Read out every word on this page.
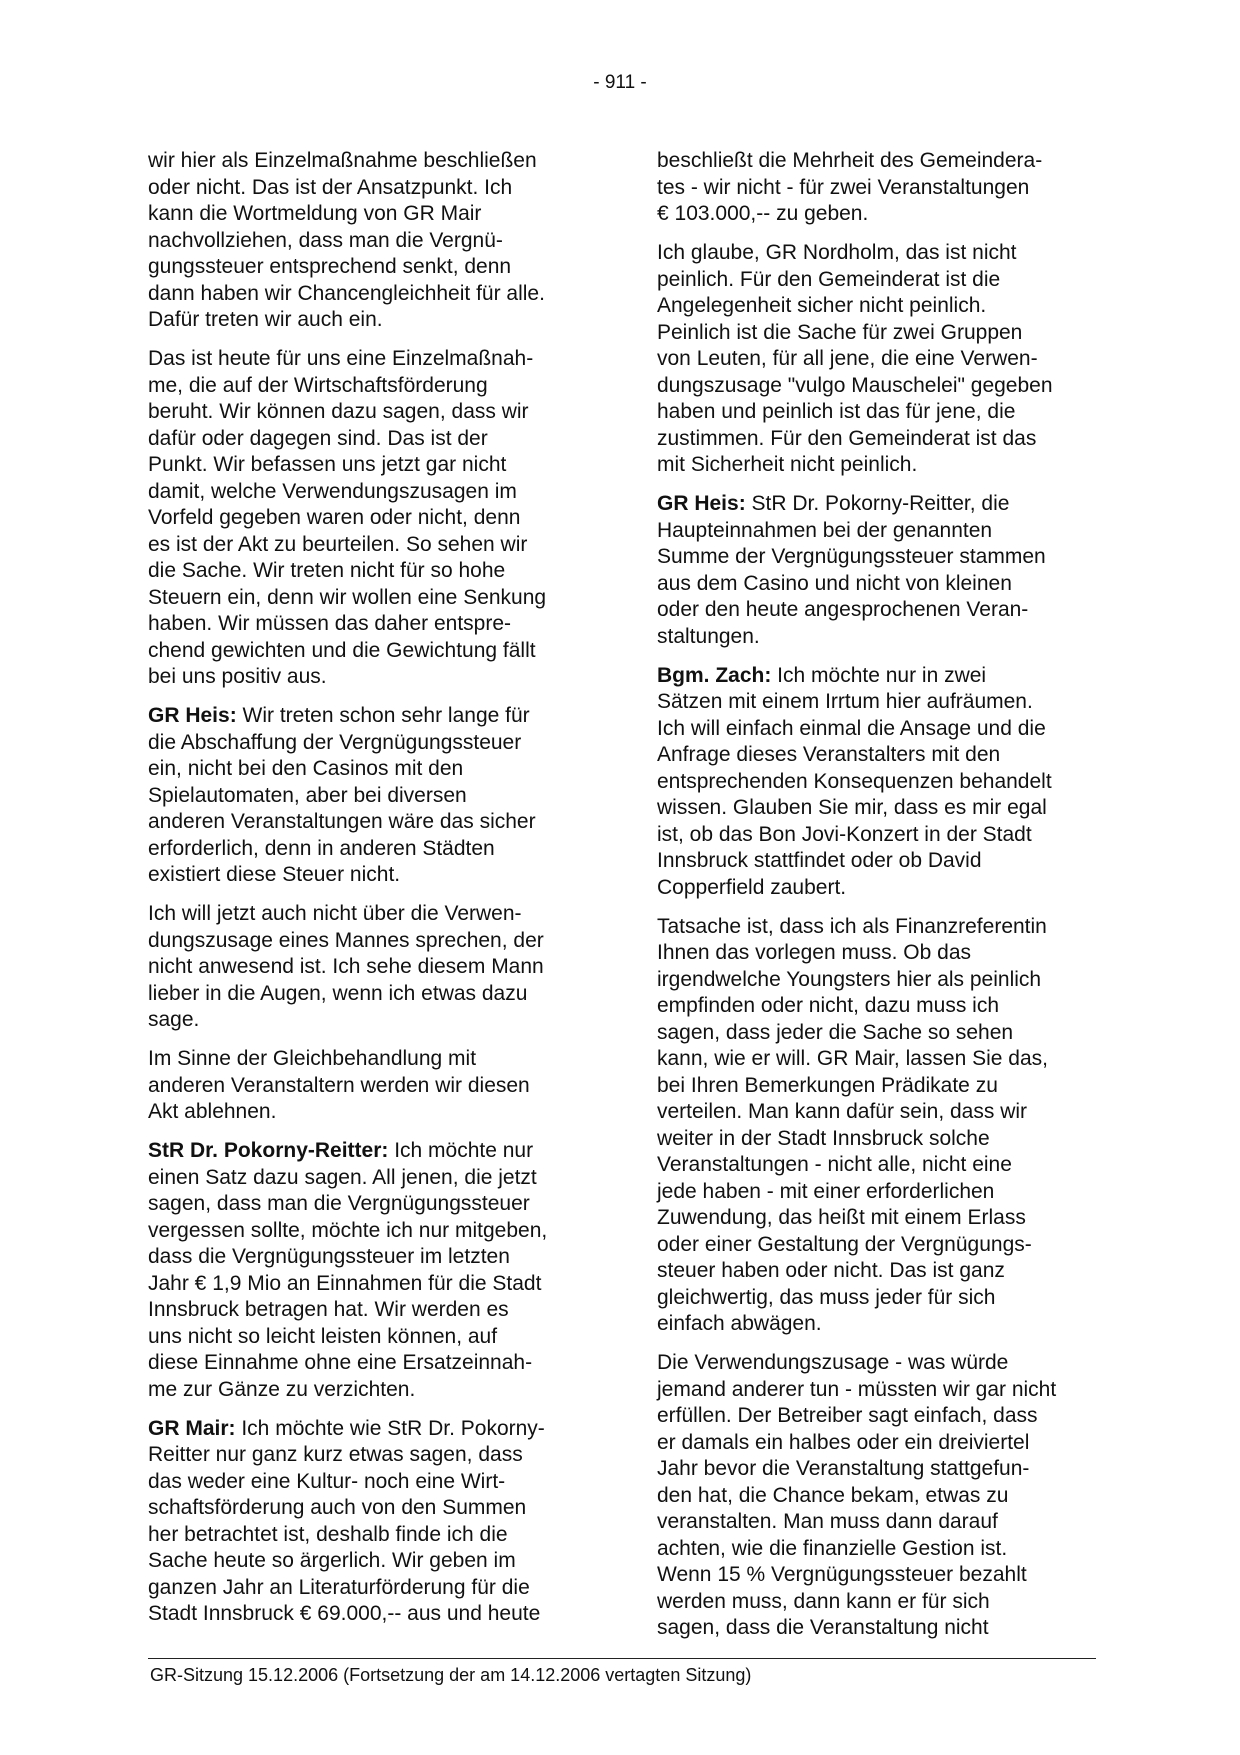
- 911 -

wir hier als Einzelmaßnahme beschließen
oder nicht. Das ist der Ansatzpunkt. Ich
kann die Wortmeldung von GR Mair
nachvollziehen, dass man die Vergnü-
gungssteuer entsprechend senkt, denn
dann haben wir Chancengleichheit für alle.
Dafür treten wir auch ein.

Das ist heute für uns eine Einzelmaßnah-
me, die auf der Wirtschaftsförderung
beruht. Wir können dazu sagen, dass wir
dafür oder dagegen sind. Das ist der
Punkt. Wir befassen uns jetzt gar nicht
damit, welche Verwendungszusagen im
Vorfeld gegeben waren oder nicht, denn
es ist der Akt zu beurteilen. So sehen wir
die Sache. Wir treten nicht für so hohe
Steuern ein, denn wir wollen eine Senkung
haben. Wir müssen das daher entspre-
chend gewichten und die Gewichtung fällt
bei uns positiv aus.

GR Heis: Wir treten schon sehr lange für
die Abschaffung der Vergnügungssteuer
ein, nicht bei den Casinos mit den
Spielautomaten, aber bei diversen
anderen Veranstaltungen wäre das sicher
erforderlich, denn in anderen Städten
existiert diese Steuer nicht.

Ich will jetzt auch nicht über die Verwen-
dungszusage eines Mannes sprechen, der
nicht anwesend ist. Ich sehe diesem Mann
lieber in die Augen, wenn ich etwas dazu
sage.

Im Sinne der Gleichbehandlung mit
anderen Veranstaltern werden wir diesen
Akt ablehnen.

StR Dr. Pokorny-Reitter: Ich möchte nur
einen Satz dazu sagen. All jenen, die jetzt
sagen, dass man die Vergnügungssteuer
vergessen sollte, möchte ich nur mitgeben,
dass die Vergnügungssteuer im letzten
Jahr € 1,9 Mio an Einnahmen für die Stadt
Innsbruck betragen hat. Wir werden es
uns nicht so leicht leisten können, auf
diese Einnahme ohne eine Ersatzeinnah-
me zur Gänze zu verzichten.

GR Mair: Ich möchte wie StR Dr. Pokorny-
Reitter nur ganz kurz etwas sagen, dass
das weder eine Kultur- noch eine Wirt-
schaftsförderung auch von den Summen
her betrachtet ist, deshalb finde ich die
Sache heute so ärgerlich. Wir geben im
ganzen Jahr an Literaturförderung für die
Stadt Innsbruck € 69.000,-- aus und heute

beschließt die Mehrheit des Gemeindera-
tes - wir nicht - für zwei Veranstaltungen
€ 103.000,-- zu geben.

Ich glaube, GR Nordholm, das ist nicht
peinlich. Für den Gemeinderat ist die
Angelegenheit sicher nicht peinlich.
Peinlich ist die Sache für zwei Gruppen
von Leuten, für all jene, die eine Verwen-
dungszusage "vulgo Mauschelei" gegeben
haben und peinlich ist das für jene, die
zustimmen. Für den Gemeinderat ist das
mit Sicherheit nicht peinlich.

GR Heis: StR Dr. Pokorny-Reitter, die
Haupteinnahmen bei der genannten
Summe der Vergnügungssteuer stammen
aus dem Casino und nicht von kleinen
oder den heute angesprochenen Veran-
staltungen.

Bgm. Zach: Ich möchte nur in zwei
Sätzen mit einem Irrtum hier aufräumen.
Ich will einfach einmal die Ansage und die
Anfrage dieses Veranstalters mit den
entsprechenden Konsequenzen behandelt
wissen. Glauben Sie mir, dass es mir egal
ist, ob das Bon Jovi-Konzert in der Stadt
Innsbruck stattfindet oder ob David
Copperfield zaubert.

Tatsache ist, dass ich als Finanzreferentin
Ihnen das vorlegen muss. Ob das
irgendwelche Youngsters hier als peinlich
empfinden oder nicht, dazu muss ich
sagen, dass jeder die Sache so sehen
kann, wie er will. GR Mair, lassen Sie das,
bei Ihren Bemerkungen Prädikate zu
verteilen. Man kann dafür sein, dass wir
weiter in der Stadt Innsbruck solche
Veranstaltungen - nicht alle, nicht eine
jede haben - mit einer erforderlichen
Zuwendung, das heißt mit einem Erlass
oder einer Gestaltung der Vergnügungs-
steuer haben oder nicht. Das ist ganz
gleichwertig, das muss jeder für sich
einfach abwägen.

Die Verwendungszusage - was würde
jemand anderer tun - müssten wir gar nicht
erfüllen. Der Betreiber sagt einfach, dass
er damals ein halbes oder ein dreiviertel
Jahr bevor die Veranstaltung stattgefun-
den hat, die Chance bekam, etwas zu
veranstalten. Man muss dann darauf
achten, wie die finanzielle Gestion ist.
Wenn 15 % Vergnügungssteuer bezahlt
werden muss, dann kann er für sich
sagen, dass die Veranstaltung nicht

GR-Sitzung 15.12.2006 (Fortsetzung der am 14.12.2006 vertagten Sitzung)
